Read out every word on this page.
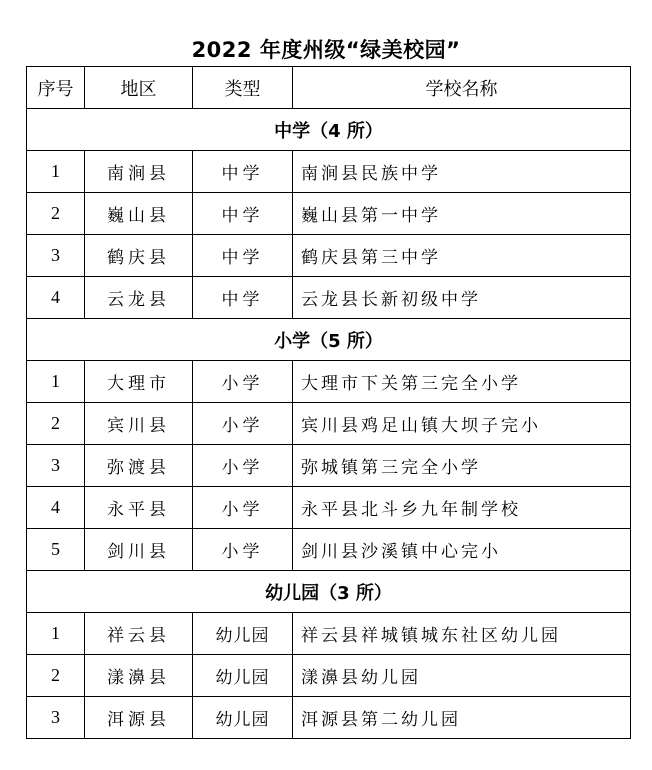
2022 年度州级“绿美校园”
序号	地区	类型	学校名称
中学（4 所）			
1	南涧县	中学	南涧县民族中学
2	巍山县	中学	巍山县第一中学
3	鹤庆县	中学	鹤庆县第三中学
4	云龙县	中学	云龙县长新初级中学
小学（5 所）			
1	大理市	小学	大理市下关第三完全小学
2	宾川县	小学	宾川县鸡足山镇大坝子完小
3	弥渡县	小学	弥城镇第三完全小学
4	永平县	小学	永平县北斗乡九年制学校
5	剑川县	小学	剑川县沙溪镇中心完小
幼儿园（3 所）			
1	祥云县	幼儿园	祥云县祥城镇城东社区幼儿园
2	漾濞县	幼儿园	漾濞县幼儿园
3	洱源县	幼儿园	洱源县第二幼儿园
